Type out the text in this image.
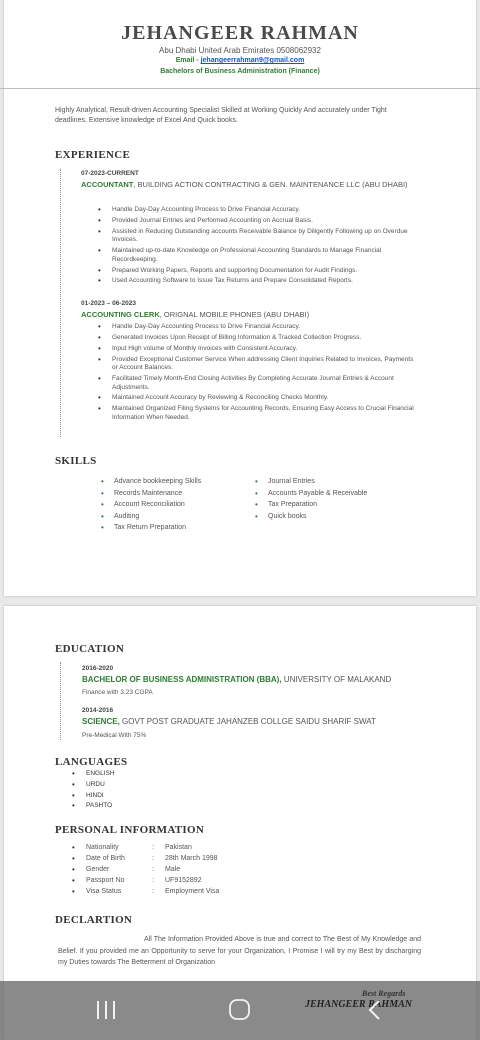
JEHANGEER RAHMAN
Abu Dhabi United Arab Emirates 0508062932
Email - jehangeerrahman9@gmail.com
Bachelors of Business Administration (Finance)
Highly Analytical, Result-driven Accounting Specialist Skilled at Working Quickly And accurately under Tight deadlines. Extensive knowledge of Excel And Quick books.
EXPERIENCE
07-2023-CURRENT
ACCOUNTANT, BUILDING ACTION CONTRACTING & GEN. MAINTENANCE LLC (ABU DHABI)
• Handle Day-Day Accounting Process to Drive Financial Accuracy.
• Provided Journal Entries and Performed Accounting on Accrual Basis.
• Assisted in Reducing Outstanding accounts Receivable Balance by Diligently Following up on Overdue Invoices.
• Maintained up-to-date Knowledge on Professional Accounting Standards to Manage Financial Recordkeeping.
• Prepared Working Papers, Reports and supporting Documentation for Audit Findings.
• Used Accounting Software to Issue Tax Returns and Prepare Consolidated Reports.
01-2023 – 06-2023
ACCOUNTING CLERK, ORIGNAL MOBILE PHONES (ABU DHABI)
• Handle Day-Day Accounting Process to Drive Financial Accuracy.
• Generated Invoices Upon Receipt of Billing Information & Tracked Collection Progress.
• Input High volume of Monthly Invoices with Consistent Accuracy.
• Provided Exceptional Customer Service When addressing Client Inquiries Related to Invoices, Payments or Account Balances.
• Facilitated Timely Month-End Closing Activities By Completing Accurate Journal Entries & Account Adjustments.
• Maintained Account Accuracy by Reviewing & Reconciling Checks Monthly.
• Maintained Organized Filing Systems for Accounting Records, Ensuring Easy Access to Crucial Financial Information When Needed.
SKILLS
• Advance bookkeeping Skills
• Records Maintenance
• Account Reconciliation
• Auditing
• Tax Return Preparation
• Journal Entries
• Accounts Payable & Receivable
• Tax Preparation
• Quick books
EDUCATION
2016-2020
BACHELOR OF BUSINESS ADMINISTRATION (BBA), UNIVERSITY OF MALAKAND
Finance with 3.23 CGPA
2014-2016
SCIENCE, GOVT POST GRADUATE JAHANZEB COLLGE SAIDU SHARIF SWAT
Pre-Medical With 75%
LANGUAGES
• ENGLISH
• URDU
• HINDI
• PASHTO
PERSONAL INFORMATION
• Nationality	: Pakistan
• Date of Birth	: 28th March 1998
• Gender	: Male
• Passport No	: UF9152892
• Visa Status	: Employment Visa
DECLARTION
All The Information Provided Above is true and correct to The Best of My Knowledge and Belief. If you provided me an Opportunity to serve for your Organization, I Promise I will try my Best by discharging my Duties towards The Betterment of Organization
Best Regards
JEHANGEER RAHMAN
